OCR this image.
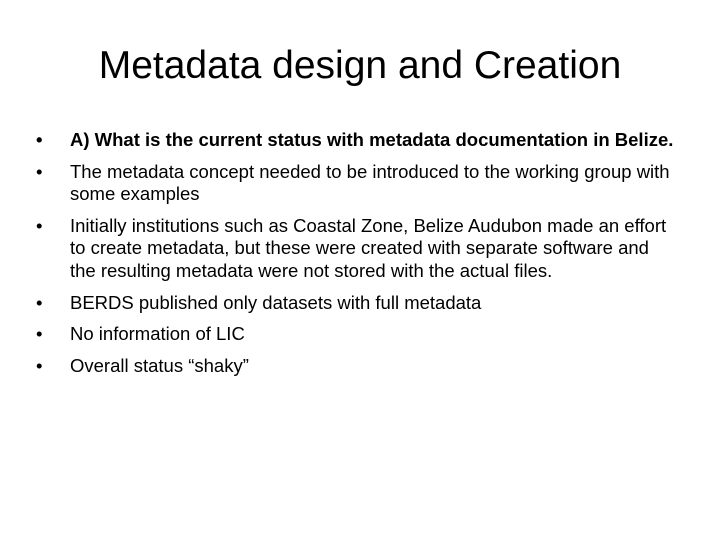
Metadata design and Creation
• A) What is the current status with metadata documentation in Belize.
• The metadata concept needed to be introduced to the working group with some examples
• Initially institutions such as Coastal Zone, Belize Audubon made an effort to create metadata, but these were created with separate software and the resulting metadata were not stored with the actual files.
• BERDS published only datasets with full metadata
• No information of LIC
• Overall status “shaky”
